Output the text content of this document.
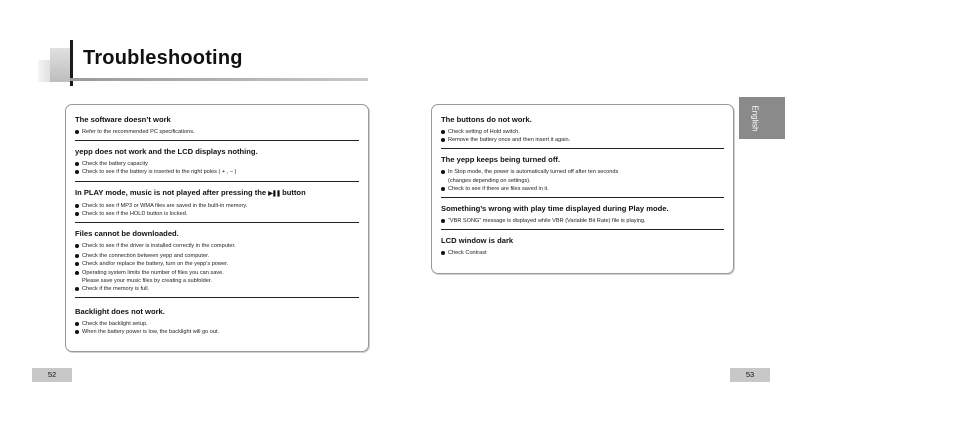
Troubleshooting

The software doesn’t work

Refer to the recommended PC specifications.

yepp does not work and the LCD displays nothing.

Check the battery capacity
Check to see if the battery is inserted to the right poles ( + , – )

In PLAY mode, music is not played after pressing the ▶❚❚ button

Check to see if MP3 or WMA files are saved in the built-in memory.
Check to see if the HOLD button is locked.

Files cannot be downloaded.

Check to see if the driver is installed correctly in the computer.
Check the connection between yepp and computer.
Check and/or replace the battery, turn on the yepp's power.
Operating system limits the number of files you can save.
Please save your music files by creating a subfolder.
Check if the memory is full.

Backlight does not work.

Check the backlight setup.
When the battery power is low, the backlight will go out.
52

The buttons do not work.

Check setting of Hold switch.
Remove the battery once and then insert it again.

The yepp keeps being turned off.

In Stop mode, the power is automatically turned off after ten seconds
(changes depending on settings).
Check to see if there are files saved in it.

Something’s wrong with play time displayed during Play mode.

“VBR SONG” message is displayed while VBR (Variable Bit Rate) file is playing.

LCD window is dark

Check Contrast
English
53
